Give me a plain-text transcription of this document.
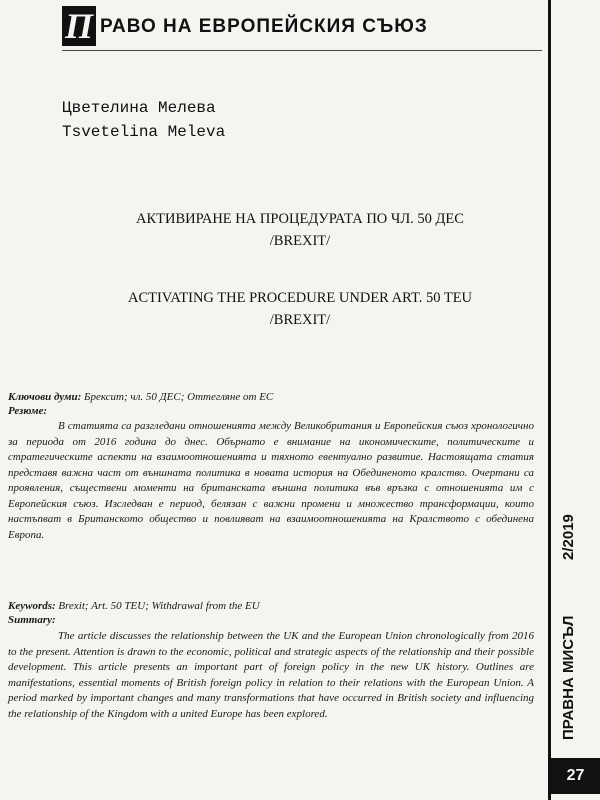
П РАВО НА ЕВРОПЕЙСКИЯ СЪЮЗ
Цветелина Мелева
Tsvetelina Meleva
АКТИВИРАНЕ НА ПРОЦЕДУРАТА ПО ЧЛ. 50 ДЕС
/BREXIT/
ACTIVATING THE PROCEDURE UNDER ART. 50 TEU
/BREXIT/
Ключови думи: Брексит; чл. 50 ДЕС; Оттегляне от ЕС
Резюме:
В статията са разгледани отношенията между Великобритания и Европейския съюз хронологично за периода от 2016 година до днес. Обърнато е внимание на икономическите, политическите и стратегическите аспекти на взаимоотношенията и тяхното евентуално развитие. Настоящата статия представя важна част от външната политика в новата история на Обединеното кралство. Очертани са проявления, съществени моменти на британската външна политика във връзка с отношенията им с Европейския съюз. Изследван е период, белязан с важни промени и множество трансформации, които настъпват в Британското общество и повлияват на взаимоотношенията на Кралството с обединена Европа.
Keywords: Brexit; Art. 50 TEU; Withdrawal from the EU
Summary:
The article discusses the relationship between the UK and the European Union chronologically from 2016 to the present. Attention is drawn to the economic, political and strategic aspects of the relationship and their possible development. This article presents an important part of foreign policy in the new UK history. Outlines are manifestations, essential moments of British foreign policy in relation to their relations with the European Union. A period marked by important changes and many transformations that have occurred in British society and influencing the relationship of the Kingdom with a united Europe has been explored.	ПРАВНА МИСЪЛ
2/2019
27
